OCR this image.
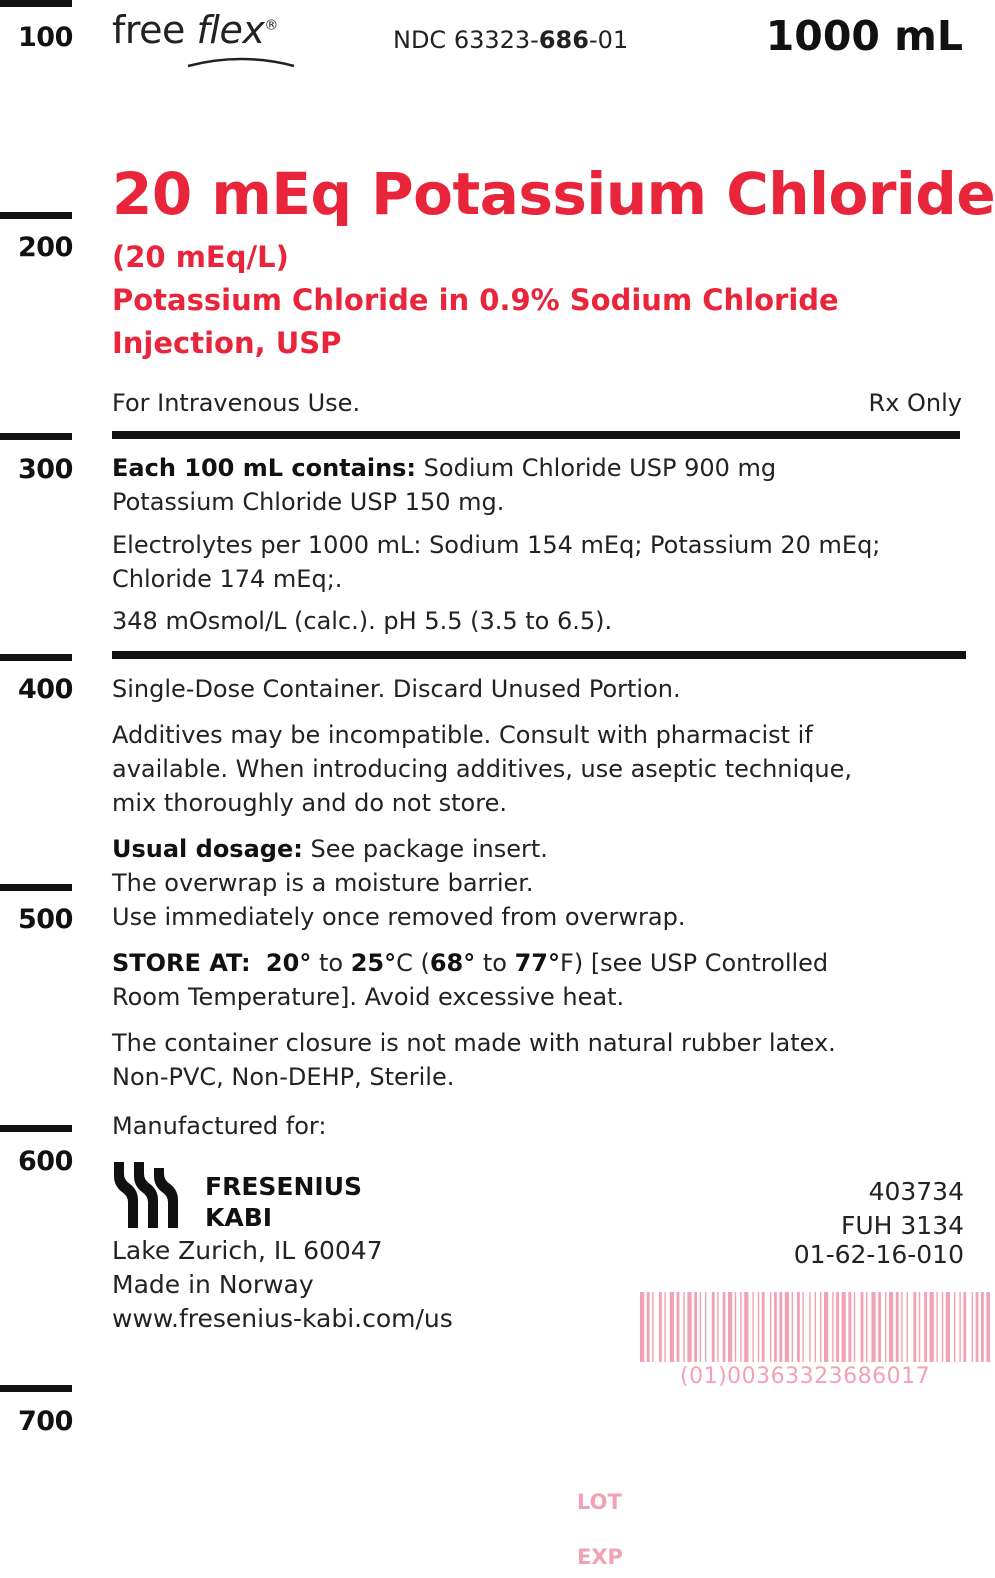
100
200
300
400
500
600
700
free flex®
NDC 63323-686-01	1000 mL
20 mEq Potassium Chloride
(20 mEq/L)
Potassium Chloride in 0.9% Sodium Chloride
Injection, USP
For Intravenous Use.	Rx Only
Each 100 mL contains: Sodium Chloride USP 900 mg
Potassium Chloride USP 150 mg.
Electrolytes per 1000 mL: Sodium 154 mEq; Potassium 20 mEq;
Chloride 174 mEq;.
348 mOsmol/L (calc.). pH 5.5 (3.5 to 6.5).
Single-Dose Container. Discard Unused Portion.
Additives may be incompatible. Consult with pharmacist if
available. When introducing additives, use aseptic technique,
mix thoroughly and do not store.
Usual dosage: See package insert.
The overwrap is a moisture barrier.
Use immediately once removed from overwrap.
STORE AT: 20° to 25°C (68° to 77°F) [see USP Controlled
Room Temperature]. Avoid excessive heat.
The container closure is not made with natural rubber latex.
Non-PVC, Non-DEHP, Sterile.
Manufactured for:
FRESENIUS
KABI
Lake Zurich, IL 60047
Made in Norway
www.fresenius-kabi.com/us
403734
FUH 3134
01-62-16-010
(01)00363323686017
LOT
EXP
